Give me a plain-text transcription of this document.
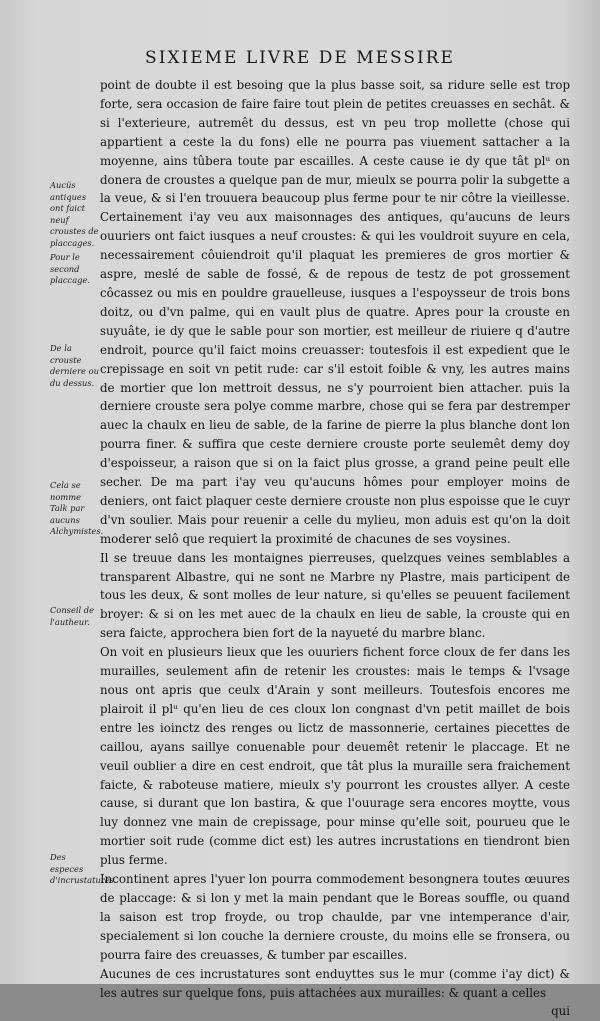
SIXIEME LIVRE DE MESSIRE

point de doubte il est besoing que la plus basse soit, sa ridure selle est trop forte, sera occasion de faire faire tout plein de petites creuasses en sechât. & si l'exterieure, autremêt du dessus, est vn peu trop mollette (chose qui appartient a ceste la du fons) elle ne pourra pas viuement sattacher a la moyenne, ains tûbera toute par escailles. A ceste cause ie dy que tât plᵘ on donera de croustes a quelque pan de mur, mieulx se pourra polir la subgette a la veue, & si l'en trouuera beaucoup plus ferme pour te nir côtre la vieillesse. Certainement i'ay veu aux maisonnages des antiques, qu'aucuns de leurs ouuriers ont faict iusques a neuf croustes: & qui les vouldroit suyure en cela, necessairement côuiendroit qu'il plaquat les premieres de gros mortier & aspre, meslé de sable de fossé, & de repous de testz de pot grossement côcassez ou mis en pouldre grauelleuse, iusques a l'espoysseur de trois bons doitz, ou d'vn palme, qui en vault plus de quatre. Apres pour la crouste en suyuâte, ie dy que le sable pour son mortier, est meilleur de riuiere q d'autre endroit, pource qu'il faict moins creuasser: toutesfois il est expedient que le crepissage en soit vn petit rude: car s'il estoit foible & vny, les autres mains de mortier que lon mettroit dessus, ne s'y pourroient bien attacher. puis la derniere crouste sera polye comme marbre, chose qui se fera par destremper auec la chaulx en lieu de sable, de la farine de pierre la plus blanche dont lon pourra finer. & suffira que ceste derniere crouste porte seulemêt demy doy d'espoisseur, a raison que si on la faict plus grosse, a grand peine peult elle secher. De ma part i'ay veu qu'aucuns hômes pour employer moins de deniers, ont faict plaquer ceste derniere crouste non plus espoisse que le cuyr d'vn soulier. Mais pour reuenir a celle du mylieu, mon aduis est qu'on la doit moderer selô que requiert la proximité de chacunes de ses voysines.

Il se treuue dans les montaignes pierreuses, quelzques veines semblables a transparent Albastre, qui ne sont ne Marbre ny Plastre, mais participent de tous les deux, & sont molles de leur nature, si qu'elles se peuuent facilement broyer: & si on les met auec de la chaulx en lieu de sable, la crouste qui en sera faicte, approchera bien fort de la nayueté du marbre blanc.

On voit en plusieurs lieux que les ouuriers fichent force cloux de fer dans les murailles, seulement afin de retenir les croustes: mais le temps & l'vsage nous ont apris que ceulx d'Arain y sont meilleurs. Toutesfois encores me plairoit il plᵘ qu'en lieu de ces cloux lon congnast d'vn petit maillet de bois entre les ioinctz des renges ou lictz de massonnerie, certaines piecettes de caillou, ayans saillye conuenable pour deuemêt retenir le placcage. Et ne veuil oublier a dire en cest endroit, que tât plus la muraille sera fraichement faicte, & raboteuse matiere, mieulx s'y pourront les croustes allyer. A ceste cause, si durant que lon bastira, & que l'ouurage sera encores moytte, vous luy donnez vne main de crepissage, pour minse qu'elle soit, pourueu que le mortier soit rude (comme dict est) les autres incrustations en tiendront bien plus ferme.

Incontinent apres l'yuer lon pourra commodement besongnera toutes œuures de placcage: & si lon y met la main pendant que le Boreas souffle, ou quand la saison est trop froyde, ou trop chaulde, par vne intemperance d'air, specialement si lon couche la derniere crouste, du moins elle se fronsera, ou pourra faire des creuasses, & tumber par escailles.

Aucunes de ces incrustatures sont enduyttes sus le mur (comme i'ay dict) & les autres sur quelque fons, puis attachées aux murailles: & quant a celles

qui
Aucũs antiques ont faict neuf croustes de placcages.
Pour le second placcage.
De la crouste derniere ou du dessus.
Cela se nomme Talk par aucuns Alchymistes.
Conseil de l'autheur.
Des especes d'incrustatures.
